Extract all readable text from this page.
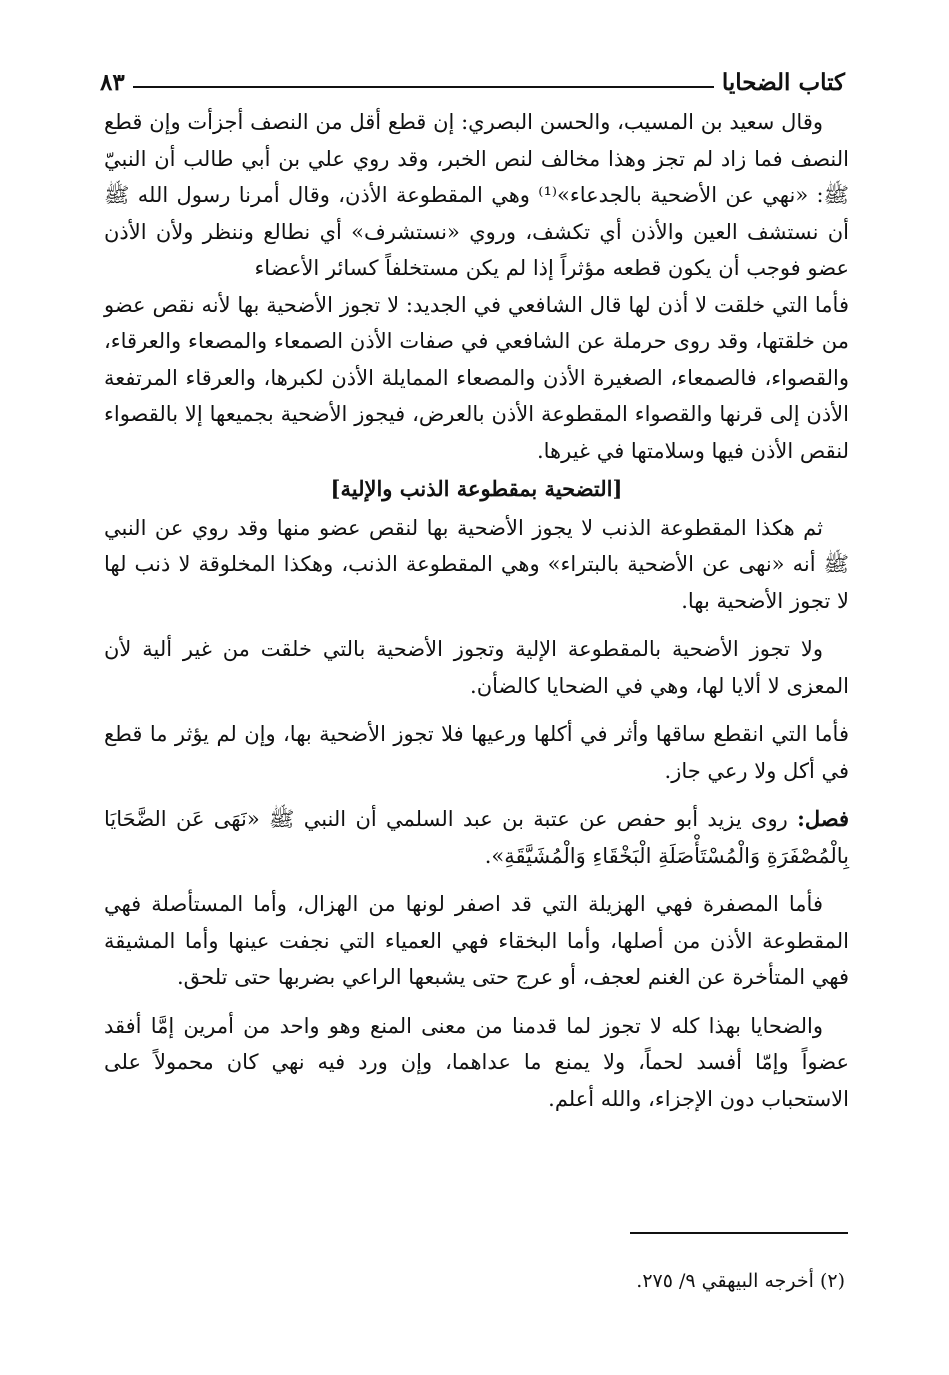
كتاب الضحايا
٨٣

وقال سعيد بن المسيب، والحسن البصري: إن قطع أقل من النصف أجزأت وإن قطع النصف فما زاد لم تجز وهذا مخالف لنص الخبر، وقد روي علي بن أبي طالب أن النبيّ ﷺ: «نهي عن الأضحية بالجدعاء»⁽¹⁾ وهي المقطوعة الأذن، وقال أمرنا رسول الله ﷺ أن نستشف العين والأذن أي تكشف، وروي «نستشرف» أي نطالع وننظر ولأن الأذن عضو فوجب أن يكون قطعه مؤثراً إذا لم يكن مستخلفاً كسائر الأعضاء

فأما التي خلقت لا أذن لها قال الشافعي في الجديد: لا تجوز الأضحية بها لأنه نقص عضو من خلقتها، وقد روى حرملة عن الشافعي في صفات الأذن الصمعاء والمصعاء والعرقاء، والقصواء، فالصمعاء، الصغيرة الأذن والمصعاء الممايلة الأذن لكبرها، والعرقاء المرتفعة الأذن إلى قرنها والقصواء المقطوعة الأذن بالعرض، فيجوز الأضحية بجميعها إلا بالقصواء لنقص الأذن فيها وسلامتها في غيرها.

[التضحية بمقطوعة الذنب والإلية]

ثم هكذا المقطوعة الذنب لا يجوز الأضحية بها لنقص عضو منها وقد روي عن النبي ﷺ أنه «نهى عن الأضحية بالبتراء» وهي المقطوعة الذنب، وهكذا المخلوقة لا ذنب لها لا تجوز الأضحية بها.

ولا تجوز الأضحية بالمقطوعة الإلية وتجوز الأضحية بالتي خلقت من غير ألية لأن المعزى لا ألايا لها، وهي في الضحايا كالضأن.

فأما التي انقطع ساقها وأثر في أكلها ورعيها فلا تجوز الأضحية بها، وإن لم يؤثر ما قطع في أكل ولا رعي جاز.

فصل: روى يزيد أبو حفص عن عتبة بن عبد السلمي أن النبي ﷺ «نَهَى عَن الضَّحَايَا بِالْمُصْفَرَةِ وَالْمُسْتَأْصَلَةِ الْبَخْقَاءِ وَالْمُشَيَّقَةِ».

فأما المصفرة فهي الهزيلة التي قد اصفر لونها من الهزال، وأما المستأصلة فهي المقطوعة الأذن من أصلها، وأما البخقاء فهي العمياء التي نجفت عينها وأما المشيقة فهي المتأخرة عن الغنم لعجف، أو عرج حتى يشبعها الراعي بضربها حتى تلحق.

والضحايا بهذا كله لا تجوز لما قدمنا من معنى المنع وهو واحد من أمرين إمَّا أفقد عضواً وإمّا أفسد لحماً، ولا يمنع ما عداهما، وإن ورد فيه نهي كان محمولاً على الاستحباب دون الإجزاء، والله أعلم.

(٢) أخرجه البيهقي ٩/ ٢٧٥.
